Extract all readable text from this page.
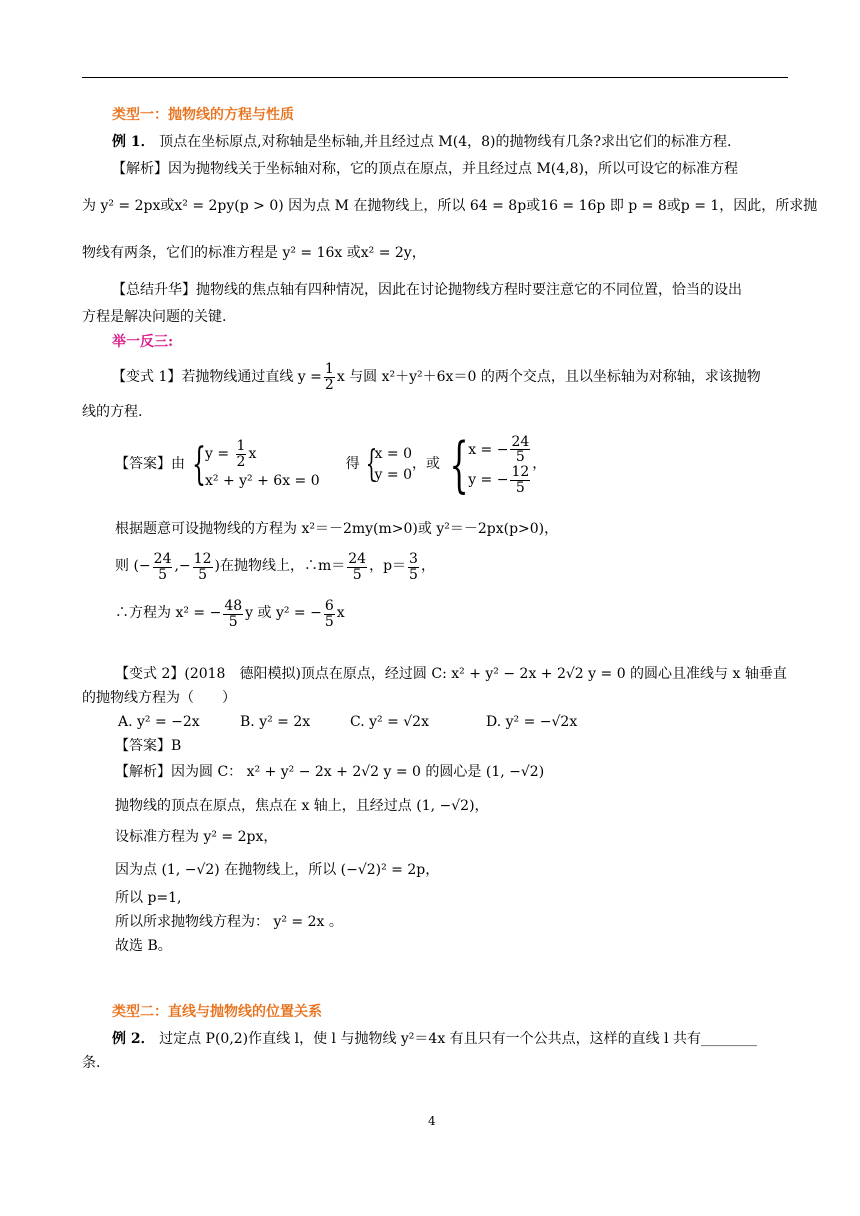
类型一：抛物线的方程与性质
例 1． 顶点在坐标原点,对称轴是坐标轴,并且经过点 M(4，8)的抛物线有几条?求出它们的标准方程.
【解析】因为抛物线关于坐标轴对称，它的顶点在原点，并且经过点 M(4,8)，所以可设它的标准方程
为 y² = 2px或x² = 2py(p > 0) 因为点 M 在抛物线上，所以 64 = 8p或16 = 16p 即 p = 8或p = 1，因此，所求抛
物线有两条，它们的标准方程是 y² = 16x 或x² = 2y，
【总结升华】抛物线的焦点轴有四种情况，因此在讨论抛物线方程时要注意它的不同位置，恰当的设出
方程是解决问题的关键.
举一反三:
【变式 1】若抛物线通过直线 $y = \frac{1}{2}$ x 与圆 x²＋y²＋6x＝0 的两个交点，且以坐标轴为对称轴，求该抛物
线的方程.
【答案】 由 { $y = \frac{1}{2}$ x
x² + y² + 6x = 0
得 {
x = 0
y = 0
，或 { x = − $\frac{24}{5}$
y = − $\frac{12}{5}$
，
根据题意可设抛物线的方程为 x²＝－2my(m>0)或 y²＝－2px(p>0)，
则 (− $\frac{24}{5}$ ,− $\frac{12}{5}$ ) 在抛物线上，∴m＝ $\frac{24}{5}$ ，$p= \frac{3}{5}$ ，
∴方程为 x² = − $\frac{48}{5}$ y 或 y² = − $\frac{6}{5}$ x
【变式 2】(2018　德阳模拟)顶点在原点，经过圆 C: x² + y² − 2x + 2√2 y = 0 的圆心且准线与 x 轴垂直
的抛物线方程为（　　）
A. y² = −2x	B. y² = 2x	C. y² = √2x	D. y² = −√2x
【答案】B
【解析】因为圆 C： x² + y² − 2x + 2√2 y = 0 的圆心是 (1, −√2)
抛物线的顶点在原点，焦点在 x 轴上，且经过点 (1, −√2)，
设标准方程为 y² = 2px，
因为点 (1, −√2) 在抛物线上，所以 (−√2)² = 2p，
所以 p=1,
所以所求抛物线方程为： y² = 2x 。
故选 B。
类型二：直线与抛物线的位置关系
例 2． 过定点 P(0,2)作直线 l，使 l 与抛物线 y²＝4x 有且只有一个公共点，这样的直线 l 共有________
条.
4
